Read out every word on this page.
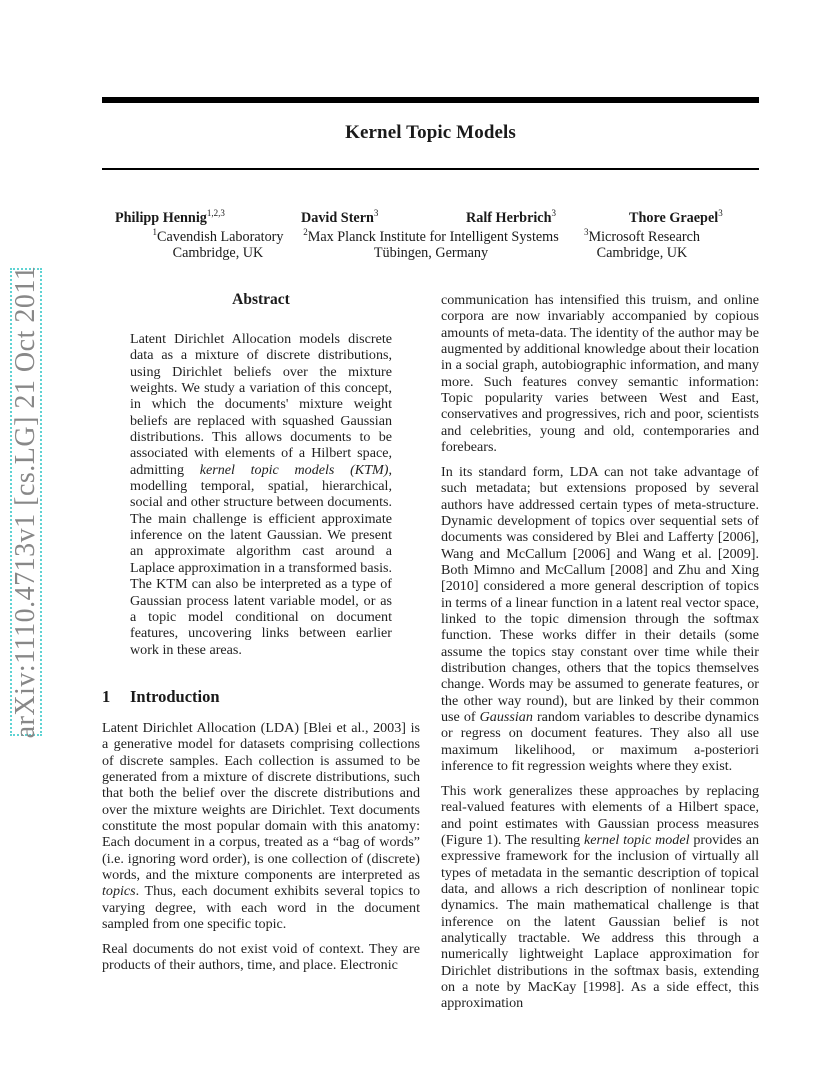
arXiv:1110.4713v1 [cs.LG] 21 Oct 2011
Kernel Topic Models
Philipp Hennig$^{1,2,3}$	David Stern$^3$	Ralf Herbrich$^3$	Thore Graepel$^3$
$^1$Cavendish Laboratory
Cambridge, UK
$^2$Max Planck Institute for Intelligent Systems
Tübingen, Germany
$^3$Microsoft Research
Cambridge, UK
Abstract

Latent Dirichlet Allocation models discrete data as a mixture of discrete distributions, using Dirichlet beliefs over the mixture weights. We study a variation of this concept, in which the documents' mixture weight beliefs are replaced with squashed Gaussian distributions. This allows documents to be associated with elements of a Hilbert space, admitting kernel topic models (KTM), modelling temporal, spatial, hierarchical, social and other structure between documents. The main challenge is efficient approximate inference on the latent Gaussian. We present an approximate algorithm cast around a Laplace approximation in a transformed basis. The KTM can also be interpreted as a type of Gaussian process latent variable model, or as a topic model conditional on document features, uncovering links between earlier work in these areas.

1 Introduction

Latent Dirichlet Allocation (LDA) [Blei et al., 2003] is a generative model for datasets comprising collections of discrete samples. Each collection is assumed to be generated from a mixture of discrete distributions, such that both the belief over the discrete distributions and over the mixture weights are Dirichlet. Text documents constitute the most popular domain with this anatomy: Each document in a corpus, treated as a “bag of words” (i.e. ignoring word order), is one collection of (discrete) words, and the mixture components are interpreted as topics. Thus, each document exhibits several topics to varying degree, with each word in the document sampled from one specific topic.

Real documents do not exist void of context. They are products of their authors, time, and place. Electronic

communication has intensified this truism, and online corpora are now invariably accompanied by copious amounts of meta-data. The identity of the author may be augmented by additional knowledge about their location in a social graph, autobiographic information, and many more. Such features convey semantic information: Topic popularity varies between West and East, conservatives and progressives, rich and poor, scientists and celebrities, young and old, contemporaries and forebears.

In its standard form, LDA can not take advantage of such metadata; but extensions proposed by several authors have addressed certain types of meta-structure. Dynamic development of topics over sequential sets of documents was considered by Blei and Lafferty [2006], Wang and McCallum [2006] and Wang et al. [2009]. Both Mimno and McCallum [2008] and Zhu and Xing [2010] considered a more general description of topics in terms of a linear function in a latent real vector space, linked to the topic dimension through the softmax function. These works differ in their details (some assume the topics stay constant over time while their distribution changes, others that the topics themselves change. Words may be assumed to generate features, or the other way round), but are linked by their common use of Gaussian random variables to describe dynamics or regress on document features. They also all use maximum likelihood, or maximum a-posteriori inference to fit regression weights where they exist.

This work generalizes these approaches by replacing real-valued features with elements of a Hilbert space, and point estimates with Gaussian process measures (Figure 1). The resulting kernel topic model provides an expressive framework for the inclusion of virtually all types of metadata in the semantic description of topical data, and allows a rich description of nonlinear topic dynamics. The main mathematical challenge is that inference on the latent Gaussian belief is not analytically tractable. We address this through a numerically lightweight Laplace approximation for Dirichlet distributions in the softmax basis, extending on a note by MacKay [1998]. As a side effect, this approximation
